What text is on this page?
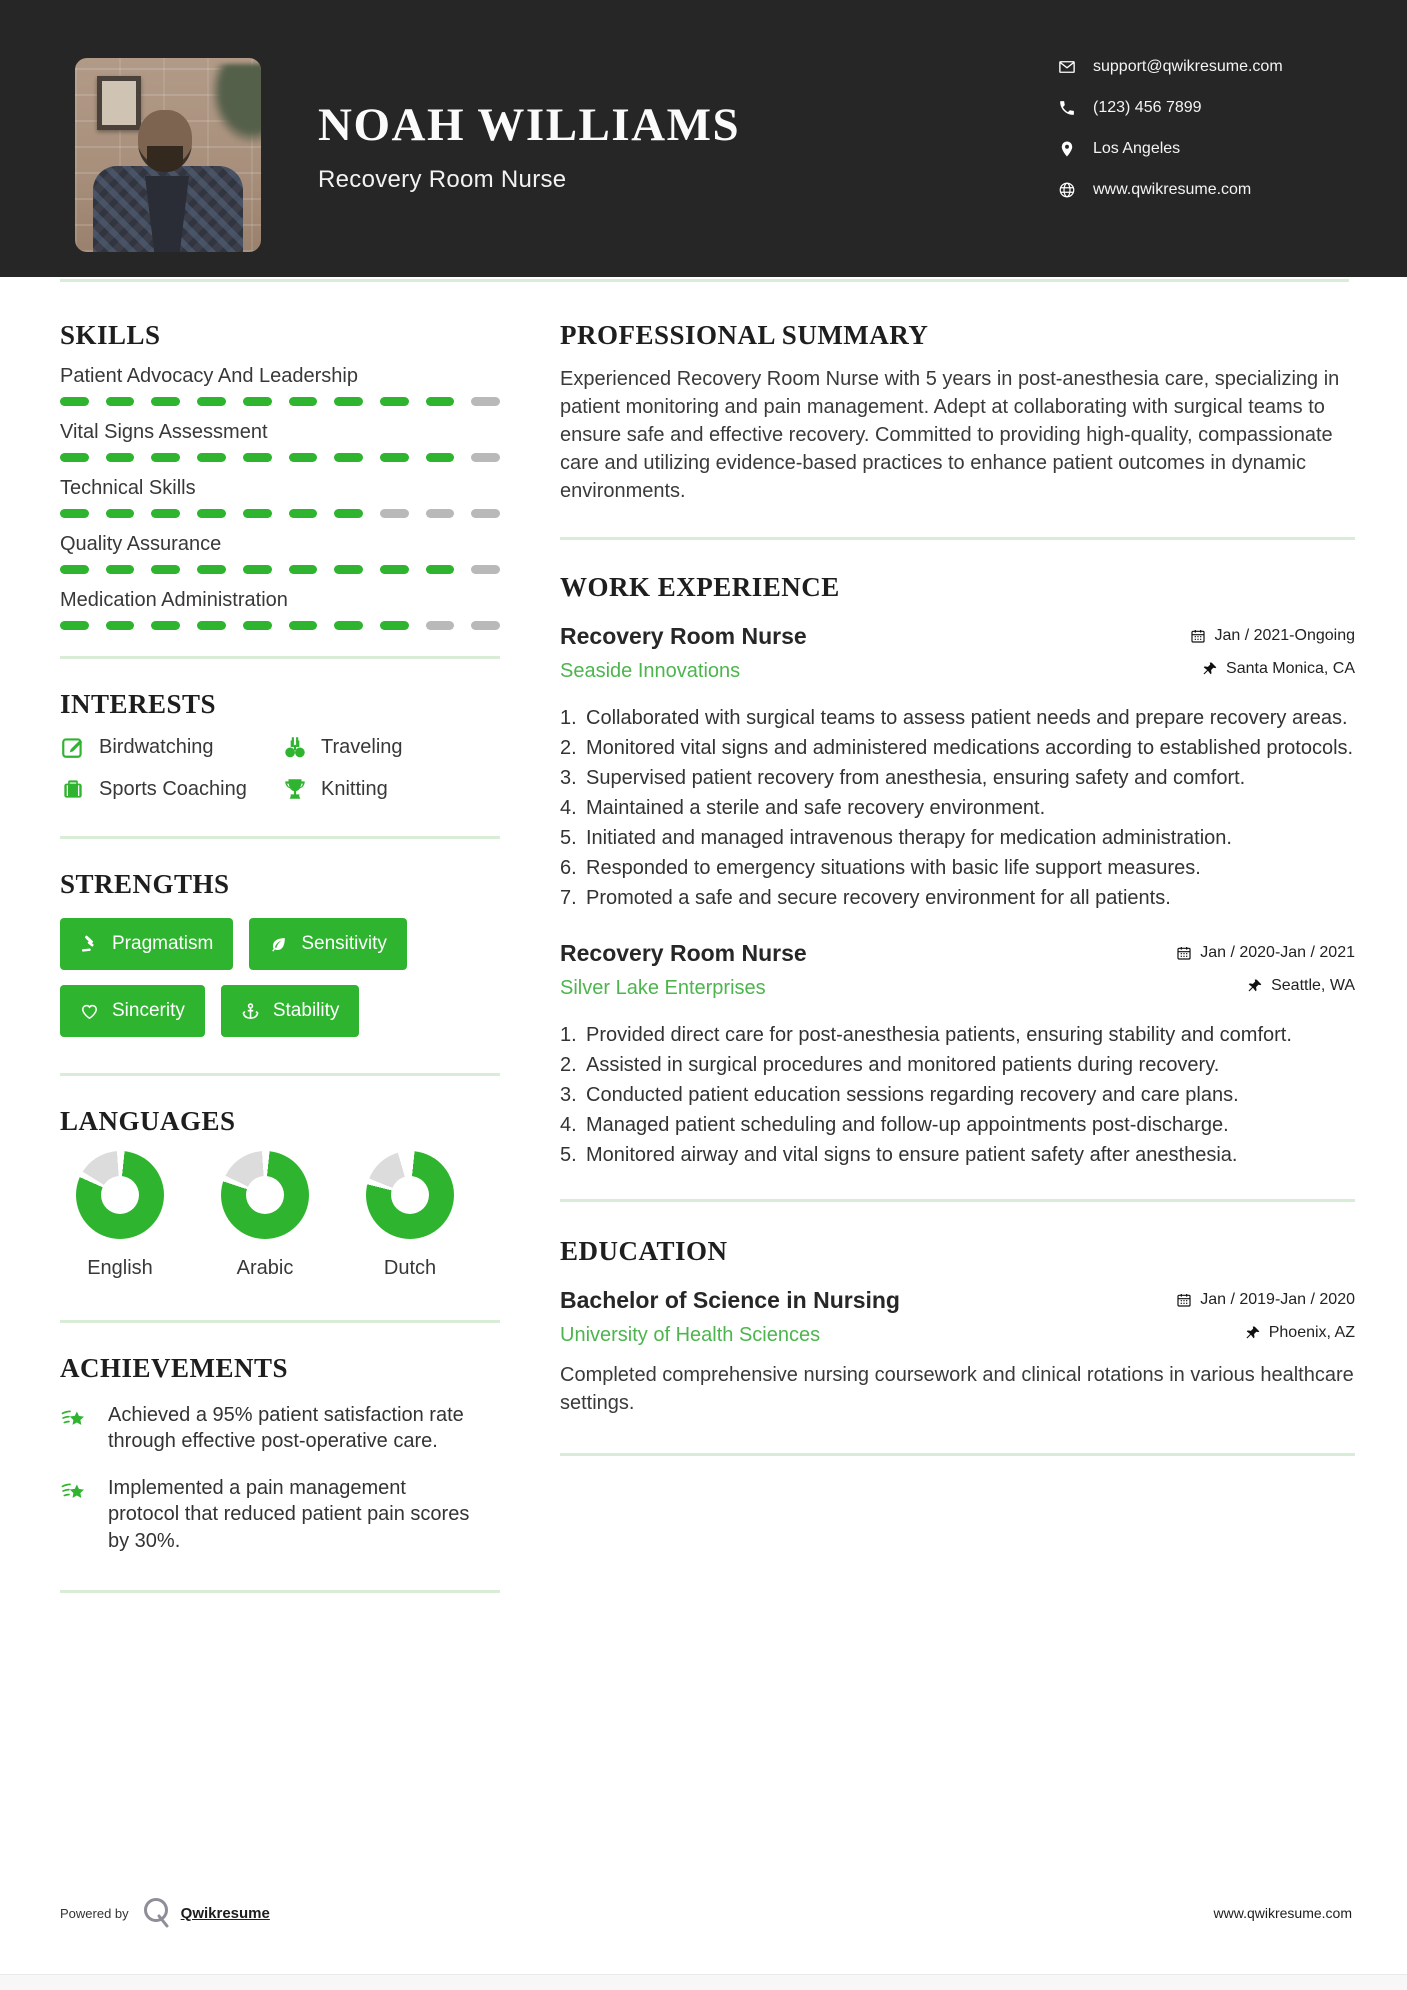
NOAH WILLIAMS
Recovery Room Nurse
support@qwikresume.com
(123) 456 7899
Los Angeles
www.qwikresume.com
SKILLS
Patient Advocacy And Leadership
Vital Signs Assessment
Technical Skills
Quality Assurance
Medication Administration
INTERESTS
Birdwatching	Traveling
Sports Coaching	Knitting
STRENGTHS
Pragmatism	Sensitivity
Sincerity	Stability
LANGUAGES
English	Arabic	Dutch
ACHIEVEMENTS
Achieved a 95% patient satisfaction rate through effective post-operative care.
Implemented a pain management protocol that reduced patient pain scores by 30%.
PROFESSIONAL SUMMARY
Experienced Recovery Room Nurse with 5 years in post-anesthesia care, specializing in patient monitoring and pain management. Adept at collaborating with surgical teams to ensure safe and effective recovery. Committed to providing high-quality, compassionate care and utilizing evidence-based practices to enhance patient outcomes in dynamic environments.
WORK EXPERIENCE
Recovery Room Nurse	Jan / 2021-Ongoing
Seaside Innovations	Santa Monica, CA
1. Collaborated with surgical teams to assess patient needs and prepare recovery areas.
2. Monitored vital signs and administered medications according to established protocols.
3. Supervised patient recovery from anesthesia, ensuring safety and comfort.
4. Maintained a sterile and safe recovery environment.
5. Initiated and managed intravenous therapy for medication administration.
6. Responded to emergency situations with basic life support measures.
7. Promoted a safe and secure recovery environment for all patients.
Recovery Room Nurse	Jan / 2020-Jan / 2021
Silver Lake Enterprises	Seattle, WA
1. Provided direct care for post-anesthesia patients, ensuring stability and comfort.
2. Assisted in surgical procedures and monitored patients during recovery.
3. Conducted patient education sessions regarding recovery and care plans.
4. Managed patient scheduling and follow-up appointments post-discharge.
5. Monitored airway and vital signs to ensure patient safety after anesthesia.
EDUCATION
Bachelor of Science in Nursing	Jan / 2019-Jan / 2020
University of Health Sciences	Phoenix, AZ
Completed comprehensive nursing coursework and clinical rotations in various healthcare settings.
Powered by	Qwikresume	www.qwikresume.com
